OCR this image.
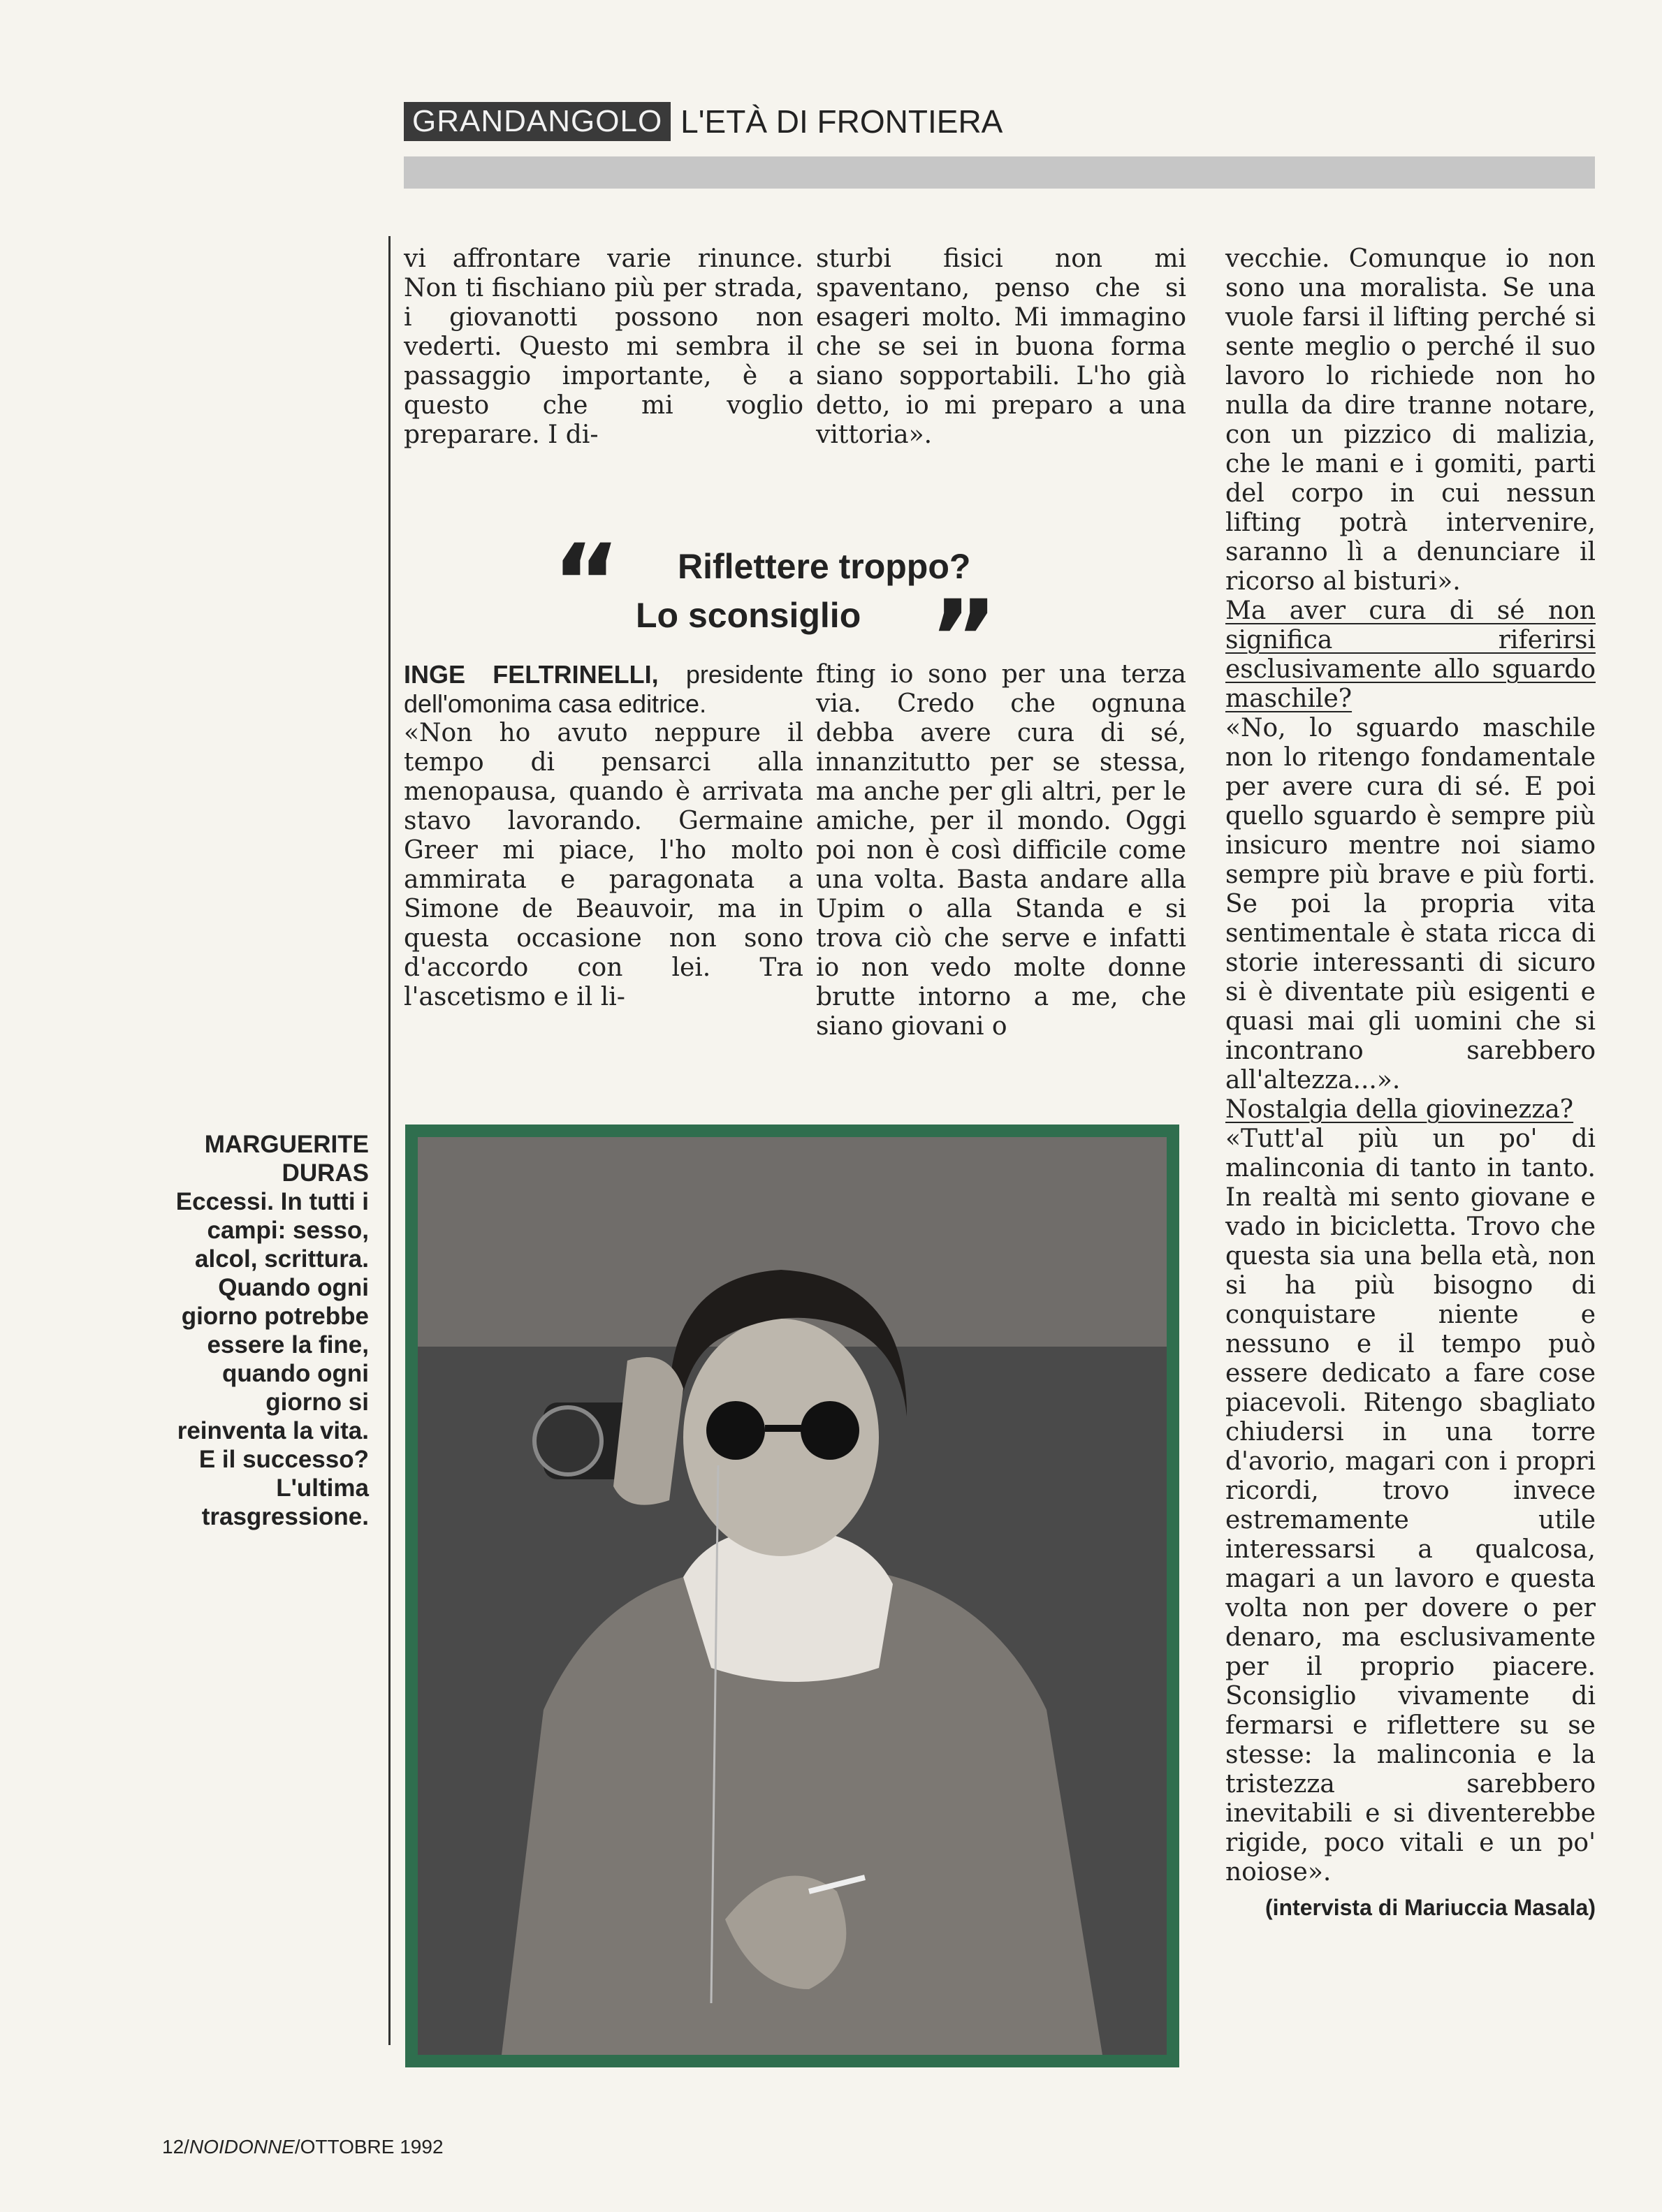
GRANDANGOLO L'ETÀ DI FRONTIERA

vi affrontare varie rinunce. Non ti fischiano più per strada, i giovanotti possono non vederti. Questo mi sembra il passaggio importante, è a questo che mi voglio preparare. I di-

sturbi fisici non mi spaventano, penso che si esageri molto. Mi immagino che se sei in buona forma siano sopportabili. L'ho già detto, io mi preparo a una vittoria».

“ Riflettere troppo?
Lo sconsiglio ”

INGE FELTRINELLI, presidente dell'omonima casa editrice.

«Non ho avuto neppure il tempo di pensarci alla menopausa, quando è arrivata stavo lavorando. Germaine Greer mi piace, l'ho molto ammirata e paragonata a Simone de Beauvoir, ma in questa occasione non sono d'accordo con lei. Tra l'ascetismo e il li-

fting io sono per una terza via. Credo che ognuna debba avere cura di sé, innanzitutto per se stessa, ma anche per gli altri, per le amiche, per il mondo. Oggi poi non è così difficile come una volta. Basta andare alla Upim o alla Standa e si trova ciò che serve e infatti io non vedo molte donne brutte intorno a me, che siano giovani o

vecchie. Comunque io non sono una moralista. Se una vuole farsi il lifting perché si sente meglio o perché il suo lavoro lo richiede non ho nulla da dire tranne notare, con un pizzico di malizia, che le mani e i gomiti, parti del corpo in cui nessun lifting potrà intervenire, saranno lì a denunciare il ricorso al bisturi».

Ma aver cura di sé non significa riferirsi esclusivamente allo sguardo maschile?

«No, lo sguardo maschile non lo ritengo fondamentale per avere cura di sé. E poi quello sguardo è sempre più insicuro mentre noi siamo sempre più brave e più forti. Se poi la propria vita sentimentale è stata ricca di storie interessanti di sicuro si è diventate più esigenti e quasi mai gli uomini che si incontrano sarebbero all'altezza...».

Nostalgia della giovinezza?

«Tutt'al più un po' di malinconia di tanto in tanto. In realtà mi sento giovane e vado in bicicletta. Trovo che questa sia una bella età, non si ha più bisogno di conquistare niente e nessuno e il tempo può essere dedicato a fare cose piacevoli. Ritengo sbagliato chiudersi in una torre d'avorio, magari con i propri ricordi, trovo invece estremamente utile interessarsi a qualcosa, magari a un lavoro e questa volta non per dovere o per denaro, ma esclusivamente per il proprio piacere. Sconsiglio vivamente di fermarsi e riflettere su se stesse: la malinconia e la tristezza sarebbero inevitabili e si diventerebbe rigide, poco vitali e un po' noiose».

(intervista di Mariuccia Masala)
MARGUERITE
DURAS
Eccessi. In tutti i campi: sesso, alcol, scrittura. Quando ogni giorno potrebbe essere la fine, quando ogni giorno si reinventa la vita. E il successo? L'ultima trasgressione.
12/NOIDONNE/OTTOBRE 1992
